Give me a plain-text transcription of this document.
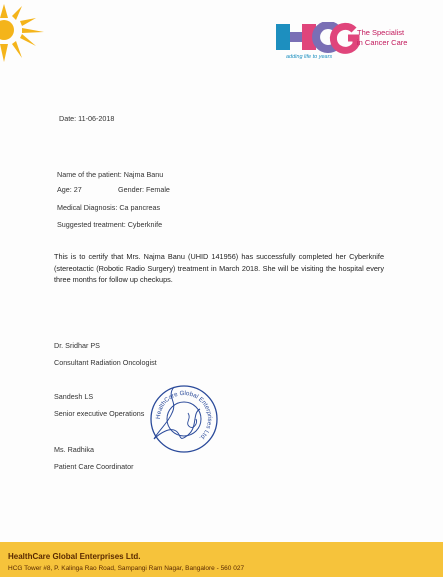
The Specialist
in Cancer Care
adding life to years
Date: 11-06-2018
Name of the patient: Najma Banu
Age: 27	Gender: Female
Medical Diagnosis: Ca pancreas
Suggested treatment: Cyberknife
This is to certify that Mrs. Najma Banu (UHID 141956) has successfully completed her Cyberknife (stereotactic (Robotic Radio Surgery) treatment in March 2018. She will be visiting the hospital every three months for follow up checkups.
Dr. Sridhar PS
Consultant Radiation Oncologist
Sandesh LS
Senior executive Operations
Ms. Radhika
Patient Care Coordinator
HealthCare Global Enterprises Ltd.
HealthCare Global Enterprises Ltd.
HCG Tower #8, P. Kalinga Rao Road, Sampangi Ram Nagar, Bangalore - 560 027
